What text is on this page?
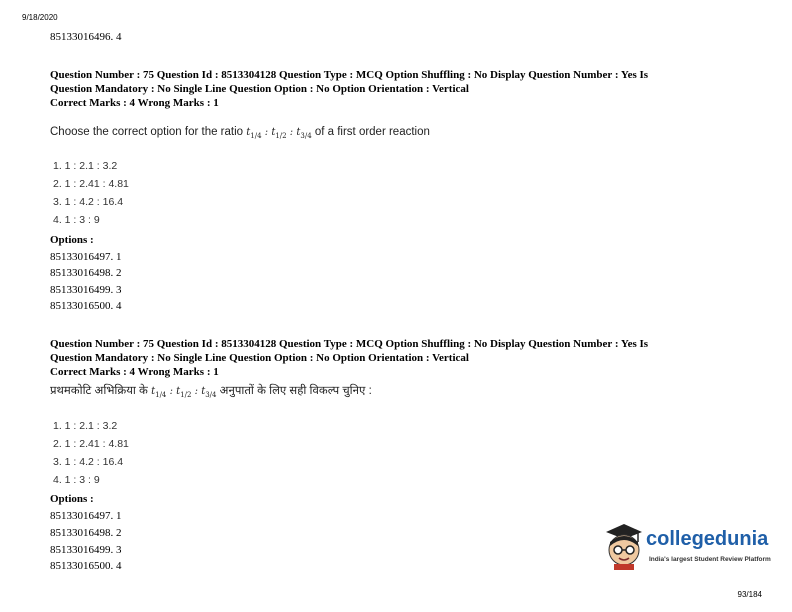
9/18/2020
85133016496. 4
Question Number : 75 Question Id : 8513304128 Question Type : MCQ Option Shuffling : No Display Question Number : Yes Is
Question Mandatory : No Single Line Question Option : No Option Orientation : Vertical
Correct Marks : 4 Wrong Marks : 1
Choose the correct option for the ratio $t_{1/4}$ : $t_{1/2}$ : $t_{3/4}$ of a first order reaction
1. 1 : 2.1 : 3.2
2. 1 : 2.41 : 4.81
3. 1 : 4.2 : 16.4
4. 1 : 3 : 9
Options :
85133016497. 1
85133016498. 2
85133016499. 3
85133016500. 4
Question Number : 75 Question Id : 8513304128 Question Type : MCQ Option Shuffling : No Display Question Number : Yes Is
Question Mandatory : No Single Line Question Option : No Option Orientation : Vertical
Correct Marks : 4 Wrong Marks : 1
प्रथमकोटि अभिक्रिया के $t_{1/4}$ : $t_{1/2}$ : $t_{3/4}$ अनुपातों के लिए सही विकल्प चुनिए :
1. 1 : 2.1 : 3.2
2. 1 : 2.41 : 4.81
3. 1 : 4.2 : 16.4
4. 1 : 3 : 9
Options :
85133016497. 1
85133016498. 2
85133016499. 3
85133016500. 4
collegedunia
India's largest Student Review Platform
93/184
